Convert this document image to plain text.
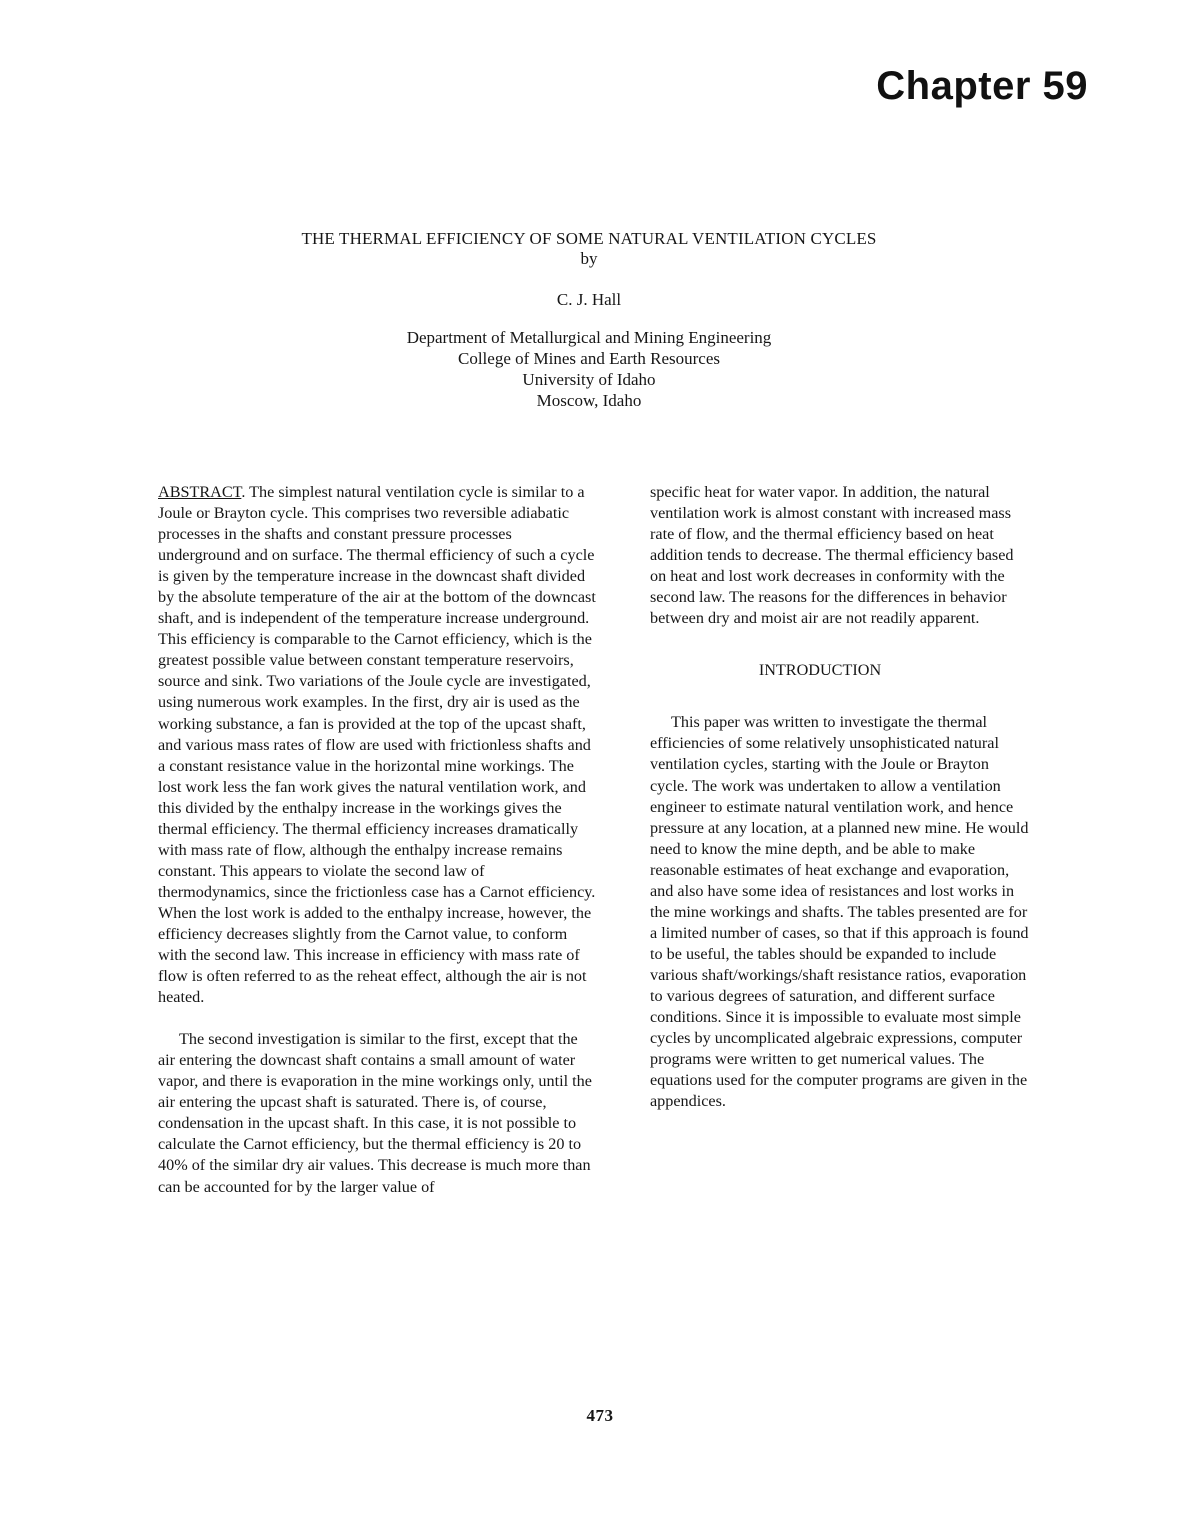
Chapter 59
THE THERMAL EFFICIENCY OF SOME NATURAL VENTILATION CYCLES
by
C. J. Hall
Department of Metallurgical and Mining Engineering
College of Mines and Earth Resources
University of Idaho
Moscow, Idaho

ABSTRACT. The simplest natural ventilation cycle is similar to a Joule or Brayton cycle. This comprises two reversible adiabatic processes in the shafts and constant pressure processes underground and on surface. The thermal efficiency of such a cycle is given by the temperature increase in the downcast shaft divided by the absolute temperature of the air at the bottom of the downcast shaft, and is independent of the temperature increase underground. This efficiency is comparable to the Carnot efficiency, which is the greatest possible value between constant temperature reservoirs, source and sink. Two variations of the Joule cycle are investigated, using numerous work examples. In the first, dry air is used as the working substance, a fan is provided at the top of the upcast shaft, and various mass rates of flow are used with frictionless shafts and a constant resistance value in the horizontal mine workings. The lost work less the fan work gives the natural ventilation work, and this divided by the enthalpy increase in the workings gives the thermal efficiency. The thermal efficiency increases dramatically with mass rate of flow, although the enthalpy increase remains constant. This appears to violate the second law of thermodynamics, since the frictionless case has a Carnot efficiency. When the lost work is added to the enthalpy increase, however, the efficiency decreases slightly from the Carnot value, to conform with the second law. This increase in efficiency with mass rate of flow is often referred to as the reheat effect, although the air is not heated.

The second investigation is similar to the first, except that the air entering the downcast shaft contains a small amount of water vapor, and there is evaporation in the mine workings only, until the air entering the upcast shaft is saturated. There is, of course, condensation in the upcast shaft. In this case, it is not possible to calculate the Carnot efficiency, but the thermal efficiency is 20 to 40% of the similar dry air values. This decrease is much more than can be accounted for by the larger value of

specific heat for water vapor. In addition, the natural ventilation work is almost constant with increased mass rate of flow, and the thermal efficiency based on heat addition tends to decrease. The thermal efficiency based on heat and lost work decreases in conformity with the second law. The reasons for the differences in behavior between dry and moist air are not readily apparent.

INTRODUCTION

This paper was written to investigate the thermal efficiencies of some relatively unsophisticated natural ventilation cycles, starting with the Joule or Brayton cycle. The work was undertaken to allow a ventilation engineer to estimate natural ventilation work, and hence pressure at any location, at a planned new mine. He would need to know the mine depth, and be able to make reasonable estimates of heat exchange and evaporation, and also have some idea of resistances and lost works in the mine workings and shafts. The tables presented are for a limited number of cases, so that if this approach is found to be useful, the tables should be expanded to include various shaft/workings/shaft resistance ratios, evaporation to various degrees of saturation, and different surface conditions. Since it is impossible to evaluate most simple cycles by uncomplicated algebraic expressions, computer programs were written to get numerical values. The equations used for the computer programs are given in the appendices.

473
